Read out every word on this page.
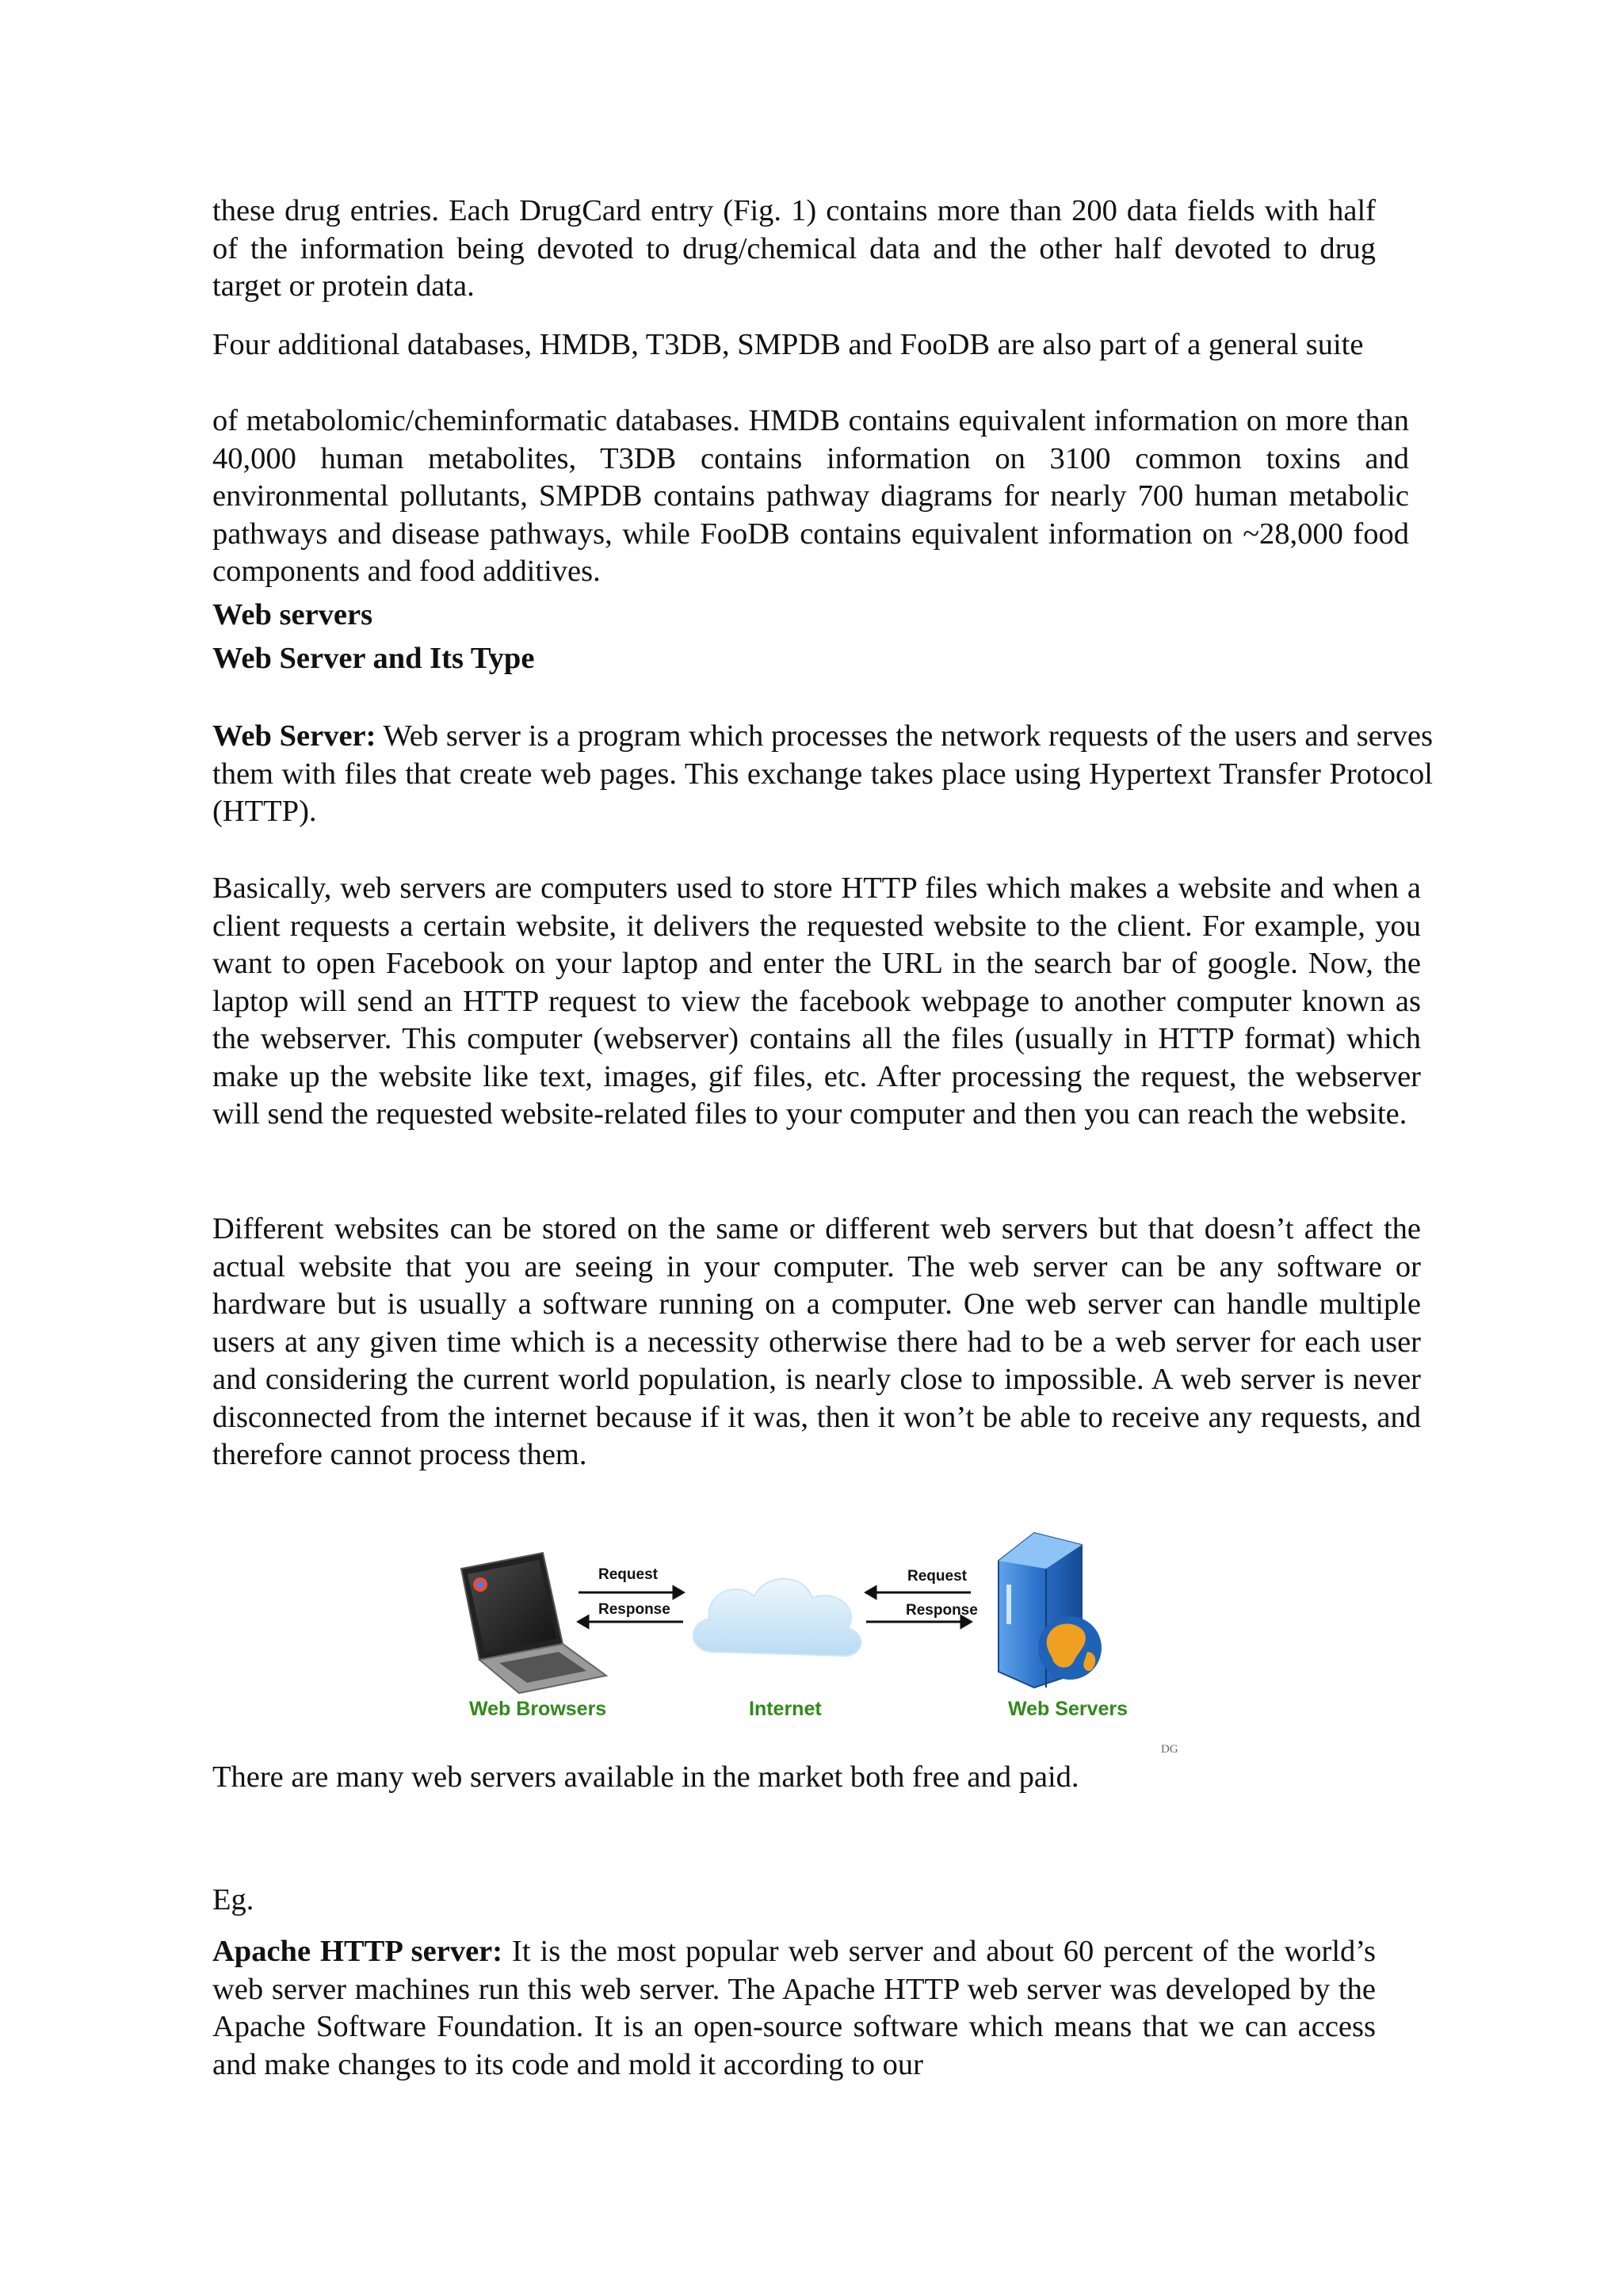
these drug entries. Each DrugCard entry (Fig. 1) contains more than 200 data fields with half of the information being devoted to drug/chemical data and the other half devoted to drug target or protein data.

Four additional databases, HMDB, T3DB, SMPDB and FooDB are also part of a general suite

of metabolomic/cheminformatic databases. HMDB contains equivalent information on more than 40,000 human metabolites, T3DB contains information on 3100 common toxins and environmental pollutants, SMPDB contains pathway diagrams for nearly 700 human metabolic pathways and disease pathways, while FooDB contains equivalent information on ~28,000 food components and food additives.

Web servers
Web Server and Its Type

Web Server: Web server is a program which processes the network requests of the users and serves them with files that create web pages. This exchange takes place using Hypertext Transfer Protocol (HTTP).

Basically, web servers are computers used to store HTTP files which makes a website and when a client requests a certain website, it delivers the requested website to the client. For example, you want to open Facebook on your laptop and enter the URL in the search bar of google. Now, the laptop will send an HTTP request to view the facebook webpage to another computer known as the webserver. This computer (webserver) contains all the files (usually in HTTP format) which make up the website like text, images, gif files, etc. After processing the request, the webserver will send the requested website-related files to your computer and then you can reach the website.

Different websites can be stored on the same or different web servers but that doesn’t affect the actual website that you are seeing in your computer. The web server can be any software or hardware but is usually a software running on a computer. One web server can handle multiple users at any given time which is a necessity otherwise there had to be a web server for each user and considering the current world population, is nearly close to impossible. A web server is never disconnected from the internet because if it was, then it won’t be able to receive any requests, and therefore cannot process them.

Request
Response
Request
Response
Web Browsers	Internet	Web Servers
DG

There are many web servers available in the market both free and paid.

Eg.

Apache HTTP server: It is the most popular web server and about 60 percent of the world’s web server machines run this web server. The Apache HTTP web server was developed by the Apache Software Foundation. It is an open-source software which means that we can access and make changes to its code and mold it according to our
